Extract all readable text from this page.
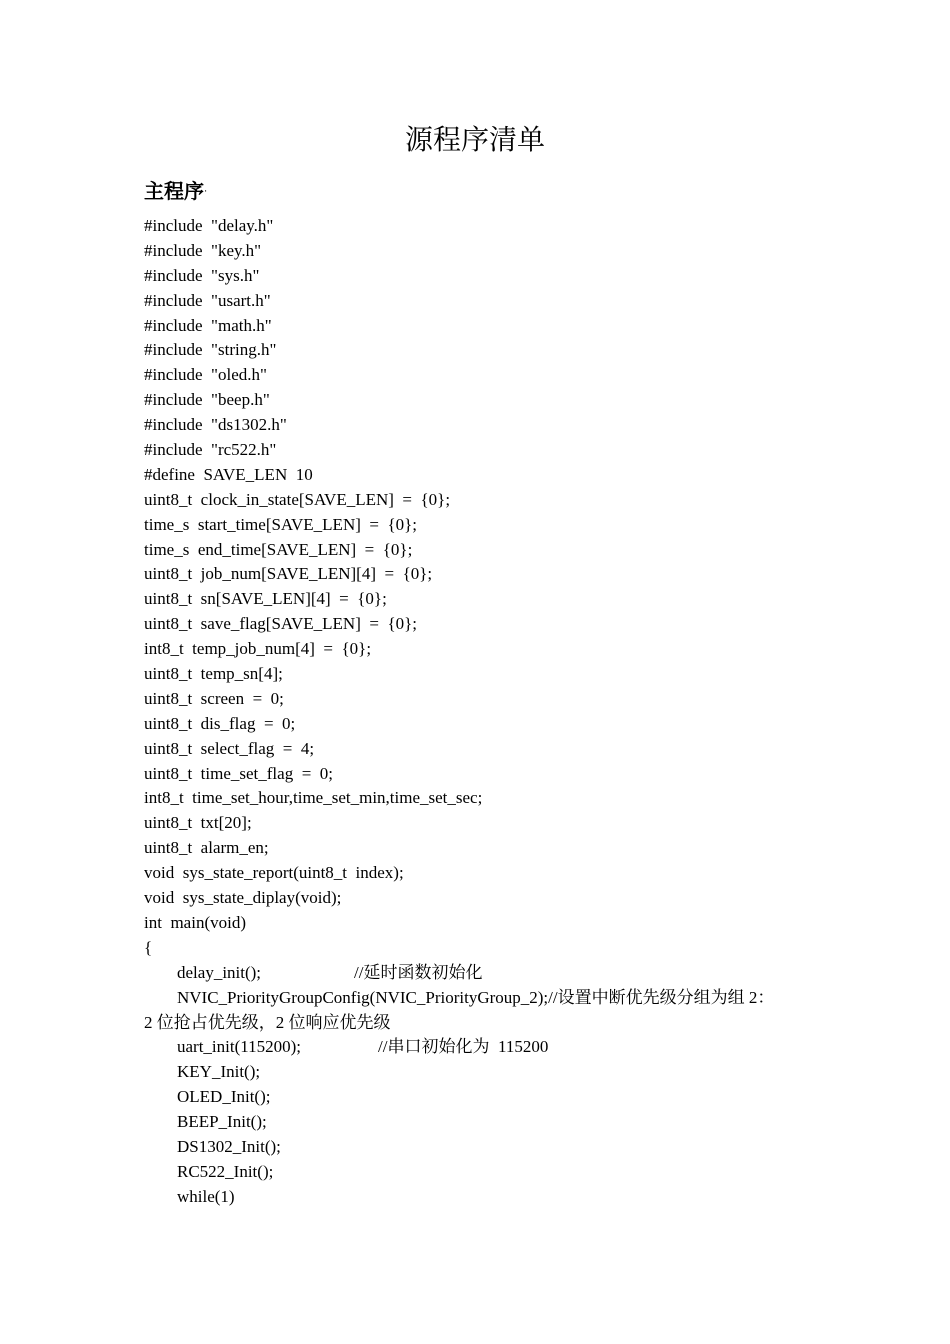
源程序清单
主程序·
#include  "delay.h"
#include  "key.h"
#include  "sys.h"
#include  "usart.h"
#include  "math.h"
#include  "string.h"
#include  "oled.h"
#include  "beep.h"
#include  "ds1302.h"
#include  "rc522.h"
#define  SAVE_LEN  10
uint8_t  clock_in_state[SAVE_LEN]  =  {0};
time_s  start_time[SAVE_LEN]  =  {0};
time_s  end_time[SAVE_LEN]  =  {0};
uint8_t  job_num[SAVE_LEN][4]  =  {0};
uint8_t  sn[SAVE_LEN][4]  =  {0};
uint8_t  save_flag[SAVE_LEN]  =  {0};
int8_t  temp_job_num[4]  =  {0};
uint8_t  temp_sn[4];
uint8_t  screen  =  0;
uint8_t  dis_flag  =  0;
uint8_t  select_flag  =  4;
uint8_t  time_set_flag  =  0;
int8_t  time_set_hour,time_set_min,time_set_sec;
uint8_t  txt[20];
uint8_t  alarm_en;
void  sys_state_report(uint8_t  index);
void  sys_state_diplay(void);
int  main(void)
{
delay_init();	//延时函数初始化
NVIC_PriorityGroupConfig(NVIC_PriorityGroup_2);//设置中断优先级分组为组 2：
2 位抢占优先级，2 位响应优先级
uart_init(115200);	//串口初始化为  115200
KEY_Init();
OLED_Init();
BEEP_Init();
DS1302_Init();
RC522_Init();
while(1)
